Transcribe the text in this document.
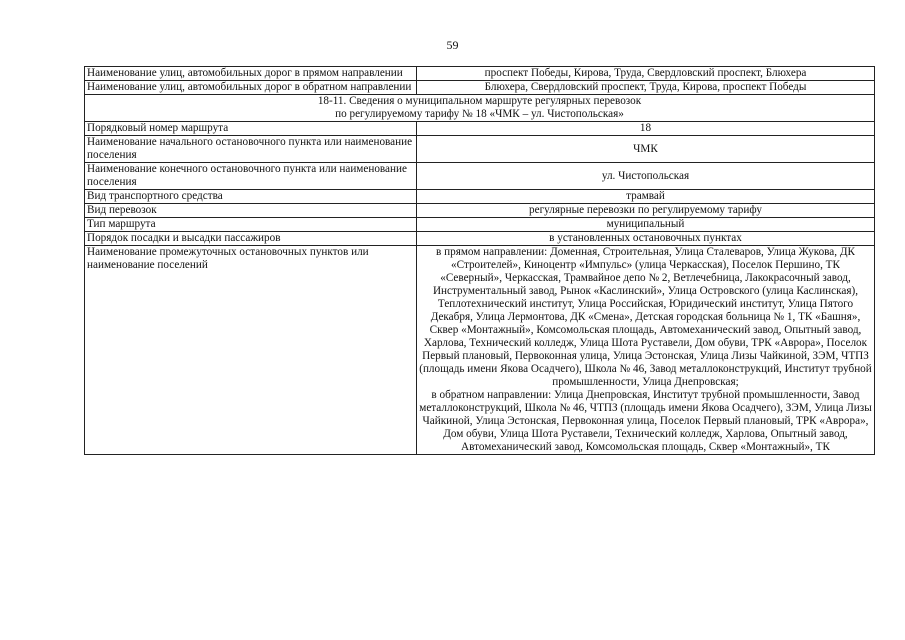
59
Наименование улиц, автомобильных дорог в прямом направлении	проспект Победы, Кирова, Труда, Свердловский проспект, Блюхера
Наименование улиц, автомобильных дорог в обратном направлении	Блюхера, Свердловский проспект, Труда, Кирова, проспект Победы

18-11. Сведения о муниципальном маршруте регулярных перевозок
по регулируемому тарифу № 18 «ЧМК – ул. Чистопольская»	

Порядковый номер маршрута	18
Наименование начального остановочного пункта или наименование поселения	ЧМК
Наименование конечного остановочного пункта или наименование поселения	ул. Чистопольская
Вид транспортного средства	трамвай
Вид перевозок	регулярные перевозки по регулируемому тарифу
Тип маршрута	муниципальный
Порядок посадки и высадки пассажиров	в установленных остановочных пунктах
Наименование промежуточных остановочных пунктов или наименование поселений	в прямом направлении: Доменная, Строительная, Улица Сталеваров, Улица Жукова, ДК «Строителей», Киноцентр «Импульс» (улица Черкасская), Поселок Першино, ТК «Северный», Черкасская, Трамвайное депо № 2, Ветлечебница, Лакокрасочный завод, Инструментальный завод, Рынок «Каслинский», Улица Островского (улица Каслинская), Теплотехнический институт, Улица Российская, Юридический институт, Улица Пятого Декабря, Улица Лермонтова, ДК «Смена», Детская городская больница № 1, ТК «Башня», Сквер «Монтажный», Комсомольская площадь, Автомеханический завод, Опытный завод, Харлова, Технический колледж, Улица Шота Руставели, Дом обуви, ТРК «Аврора», Поселок Первый плановый, Первоконная улица, Улица Эстонская, Улица Лизы Чайкиной, ЗЭМ, ЧТПЗ (площадь имени Якова Осадчего), Школа № 46, Завод металлоконструкций, Институт трубной промышленности, Улица Днепровская;
в обратном направлении: Улица Днепровская, Институт трубной промышленности, Завод металлоконструкций, Школа № 46, ЧТПЗ (площадь имени Якова Осадчего), ЗЭМ, Улица Лизы Чайкиной, Улица Эстонская, Первоконная улица, Поселок Первый плановый, ТРК «Аврора», Дом обуви, Улица Шота Руставели, Технический колледж, Харлова, Опытный завод, Автомеханический завод, Комсомольская площадь, Сквер «Монтажный», ТК
